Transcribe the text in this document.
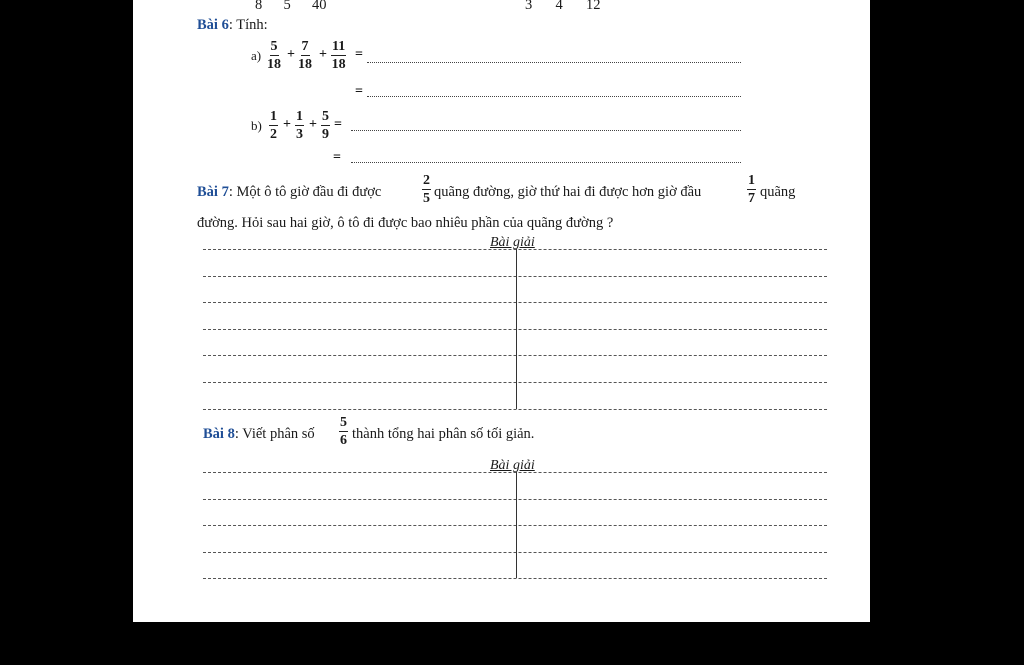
8 5 40	3 4 12
Bài 6: Tính:
$a) \frac{5}{18} + \frac{7}{18} + \frac{11}{18}$ =
=
$b) \frac{1}{2} + \frac{1}{3} + \frac{5}{9}$ =
=
Bài 7: Một ô tô giờ đầu đi được	$\frac{2}{5}$ quãng đường, giờ thứ hai đi được hơn giờ đầu	$\frac{1}{7}$ quãng
đường. Hỏi sau hai giờ, ô tô đi được bao nhiêu phần của quãng đường ?
Bài giải
Bài 8: Viết phân số $\frac{5}{6}$ thành tổng hai phân số tối giản.
Bài giải
